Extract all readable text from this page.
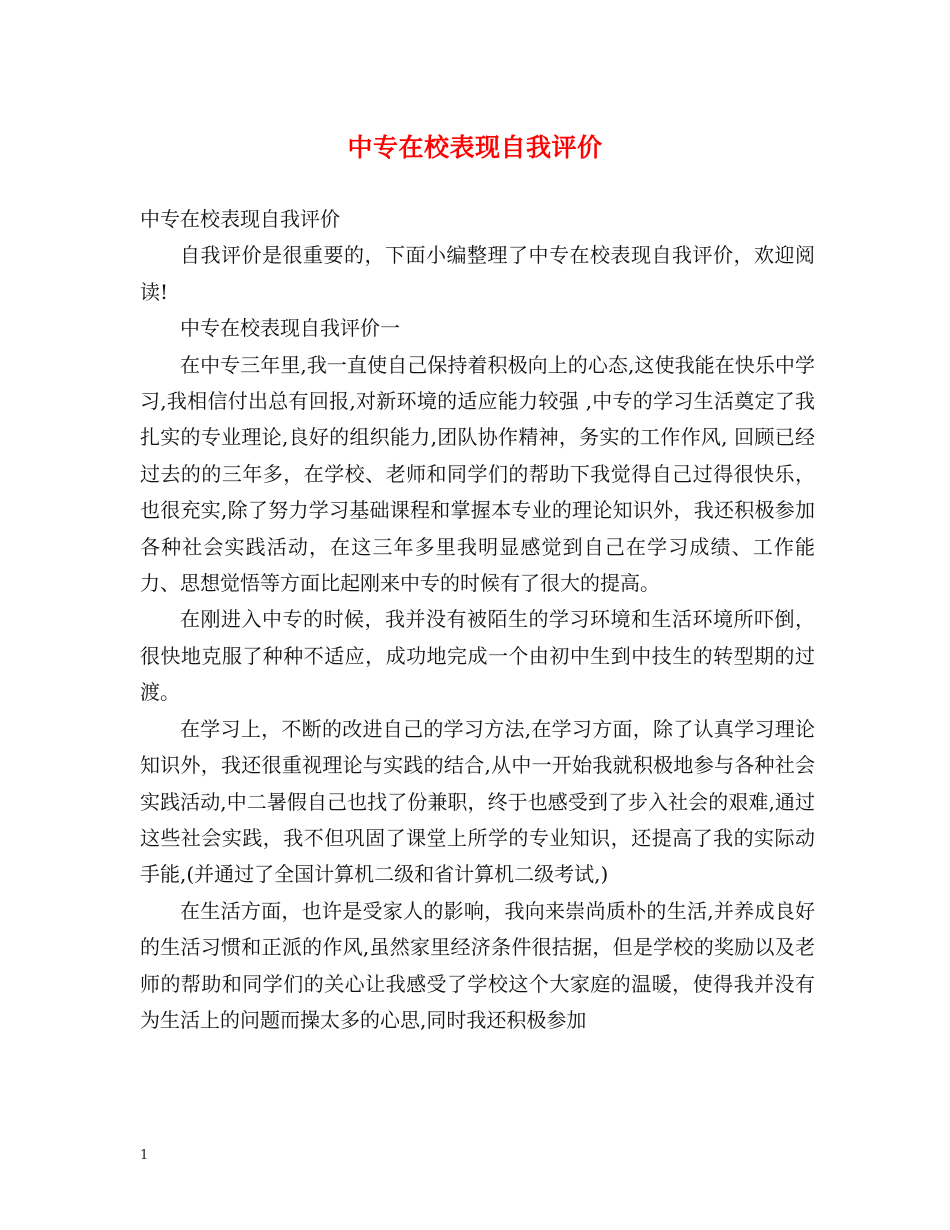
中专在校表现自我评价

中专在校表现自我评价

自我评价是很重要的，下面小编整理了中专在校表现自我评价，欢迎阅读!

中专在校表现自我评价一

在中专三年里,我一直使自己保持着积极向上的心态,这使我能在快乐中学习,我相信付出总有回报,对新环境的适应能力较强 ,中专的学习生活奠定了我扎实的专业理论,良好的组织能力,团队协作精神，务实的工作作风, 回顾已经过去的的三年多，在学校、老师和同学们的帮助下我觉得自己过得很快乐，也很充实,除了努力学习基础课程和掌握本专业的理论知识外，我还积极参加各种社会实践活动，在这三年多里我明显感觉到自己在学习成绩、工作能力、思想觉悟等方面比起刚来中专的时候有了很大的提高。

在刚进入中专的时候，我并没有被陌生的学习环境和生活环境所吓倒，很快地克服了种种不适应，成功地完成一个由初中生到中技生的转型期的过渡。

在学习上，不断的改进自己的学习方法,在学习方面，除了认真学习理论知识外，我还很重视理论与实践的结合,从中一开始我就积极地参与各种社会实践活动,中二暑假自己也找了份兼职，终于也感受到了步入社会的艰难,通过这些社会实践，我不但巩固了课堂上所学的专业知识，还提高了我的实际动手能,(并通过了全国计算机二级和省计算机二级考试,)

在生活方面，也许是受家人的影响，我向来崇尚质朴的生活,并养成良好的生活习惯和正派的作风,虽然家里经济条件很拮据，但是学校的奖励以及老师的帮助和同学们的关心让我感受了学校这个大家庭的温暖，使得我并没有为生活上的问题而操太多的心思,同时我还积极参加

1
